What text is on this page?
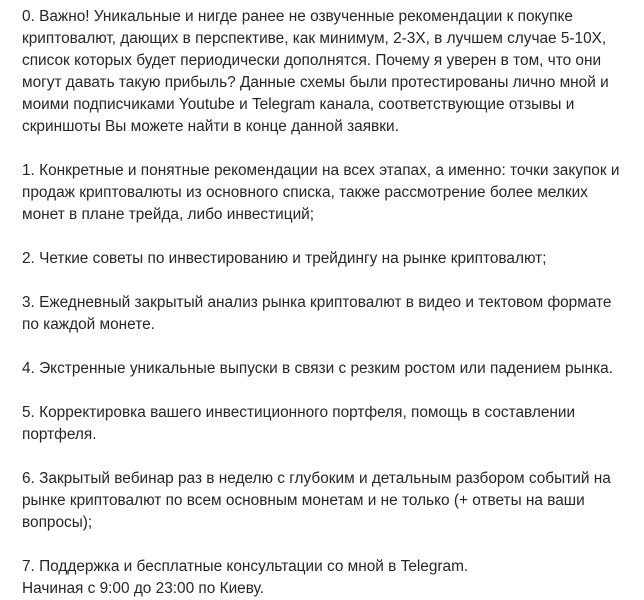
0. Важно! Уникальные и нигде ранее не озвученные рекомендации к покупке
криптовалют, дающих в перспективе, как минимум, 2-3Х, в лучшем случае 5-10Х,
список которых будет периодически дополнятся. Почему я уверен в том, что они
могут давать такую прибыль? Данные схемы были протестированы лично мной и
моими подписчиками Youtube и Telegram канала, соответствующие отзывы и
скриншоты Вы можете найти в конце данной заявки.

1. Конкретные и понятные рекомендации на всех этапах, а именно: точки закупок и
продаж криптовалюты из основного списка, также рассмотрение более мелких
монет в плане трейда, либо инвестиций;

2. Четкие советы по инвестированию и трейдингу на рынке криптовалют;

3. Ежедневный закрытый анализ рынка криптовалют в видео и тектовом формате
по каждой монете.

4. Экстренные уникальные выпуски в связи с резким ростом или падением рынка.

5. Корректировка вашего инвестиционного портфеля, помощь в составлении
портфеля.

6. Закрытый вебинар раз в неделю с глубоким и детальным разбором событий на
рынке криптовалют по всем основным монетам и не только (+ ответы на ваши
вопросы);

7. Поддержка и бесплатные консультации со мной в Telegram.
Начиная с 9:00 до 23:00 по Киеву.
